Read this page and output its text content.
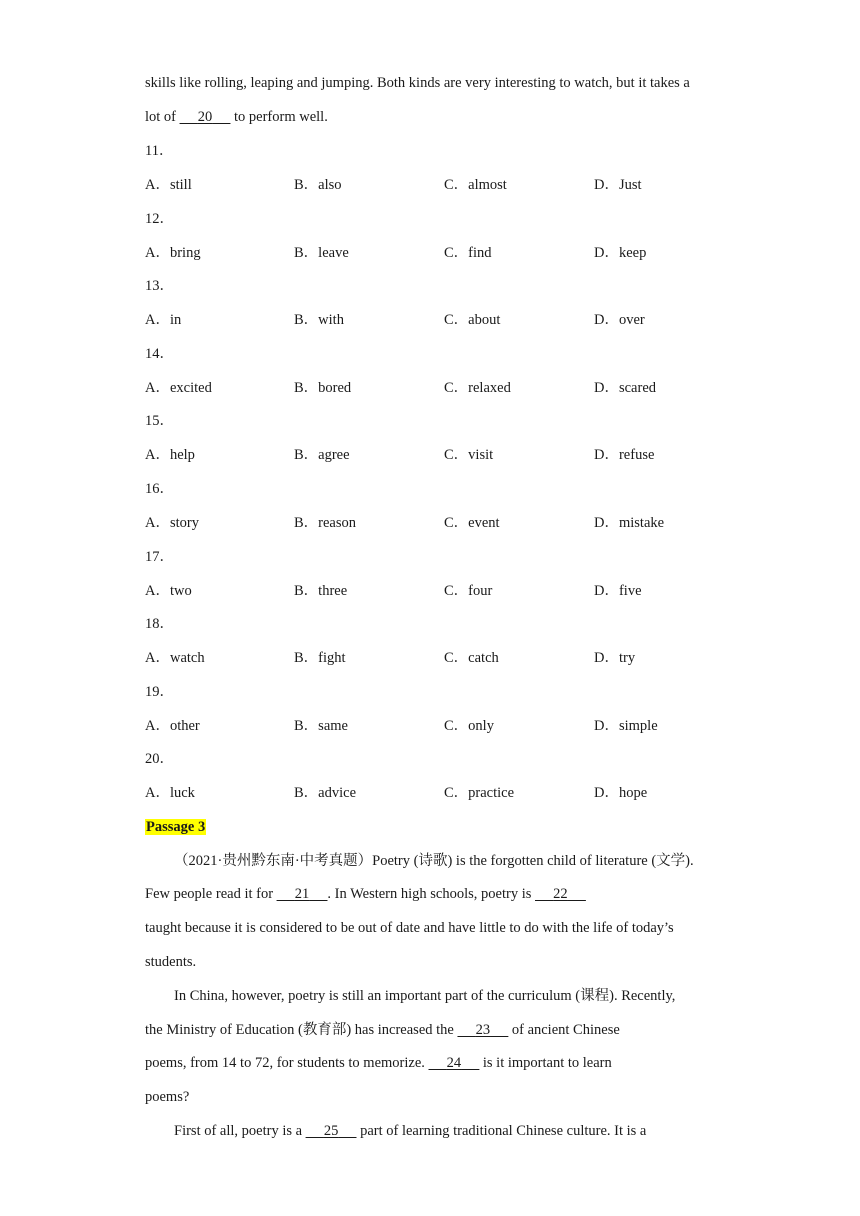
skills like rolling, leaping and jumping. Both kinds are very interesting to watch, but it takes a
lot of 20 to perform well.
11．
A．still	B．also	C．almost	D．Just
12．
A．bring	B．leave	C．find	D．keep
13．
A．in	B．with	C．about	D．over
14．
A．excited	B．bored	C．relaxed	D．scared
15．
A．help	B．agree	C．visit	D．refuse
16．
A．story	B．reason	C．event	D．mistake
17．
A．two	B．three	C．four	D．five
18．
A．watch	B．fight	C．catch	D．try
19．
A．other	B．same	C．only	D．simple
20．
A．luck	B．advice	C．practice	D．hope
Passage 3
（2021·贵州黔东南·中考真题）Poetry (诗歌) is the forgotten child of literature (文学).
Few people read it for 21 . In Western high schools, poetry is 22
taught because it is considered to be out of date and have little to do with the life of today’s
students.
In China, however, poetry is still an important part of the curriculum (课程). Recently,
the Ministry of Education (教育部) has increased the 23 of ancient Chinese
poems, from 14 to 72, for students to memorize. 24 is it important to learn
poems?
First of all, poetry is a 25 part of learning traditional Chinese culture. It is a
